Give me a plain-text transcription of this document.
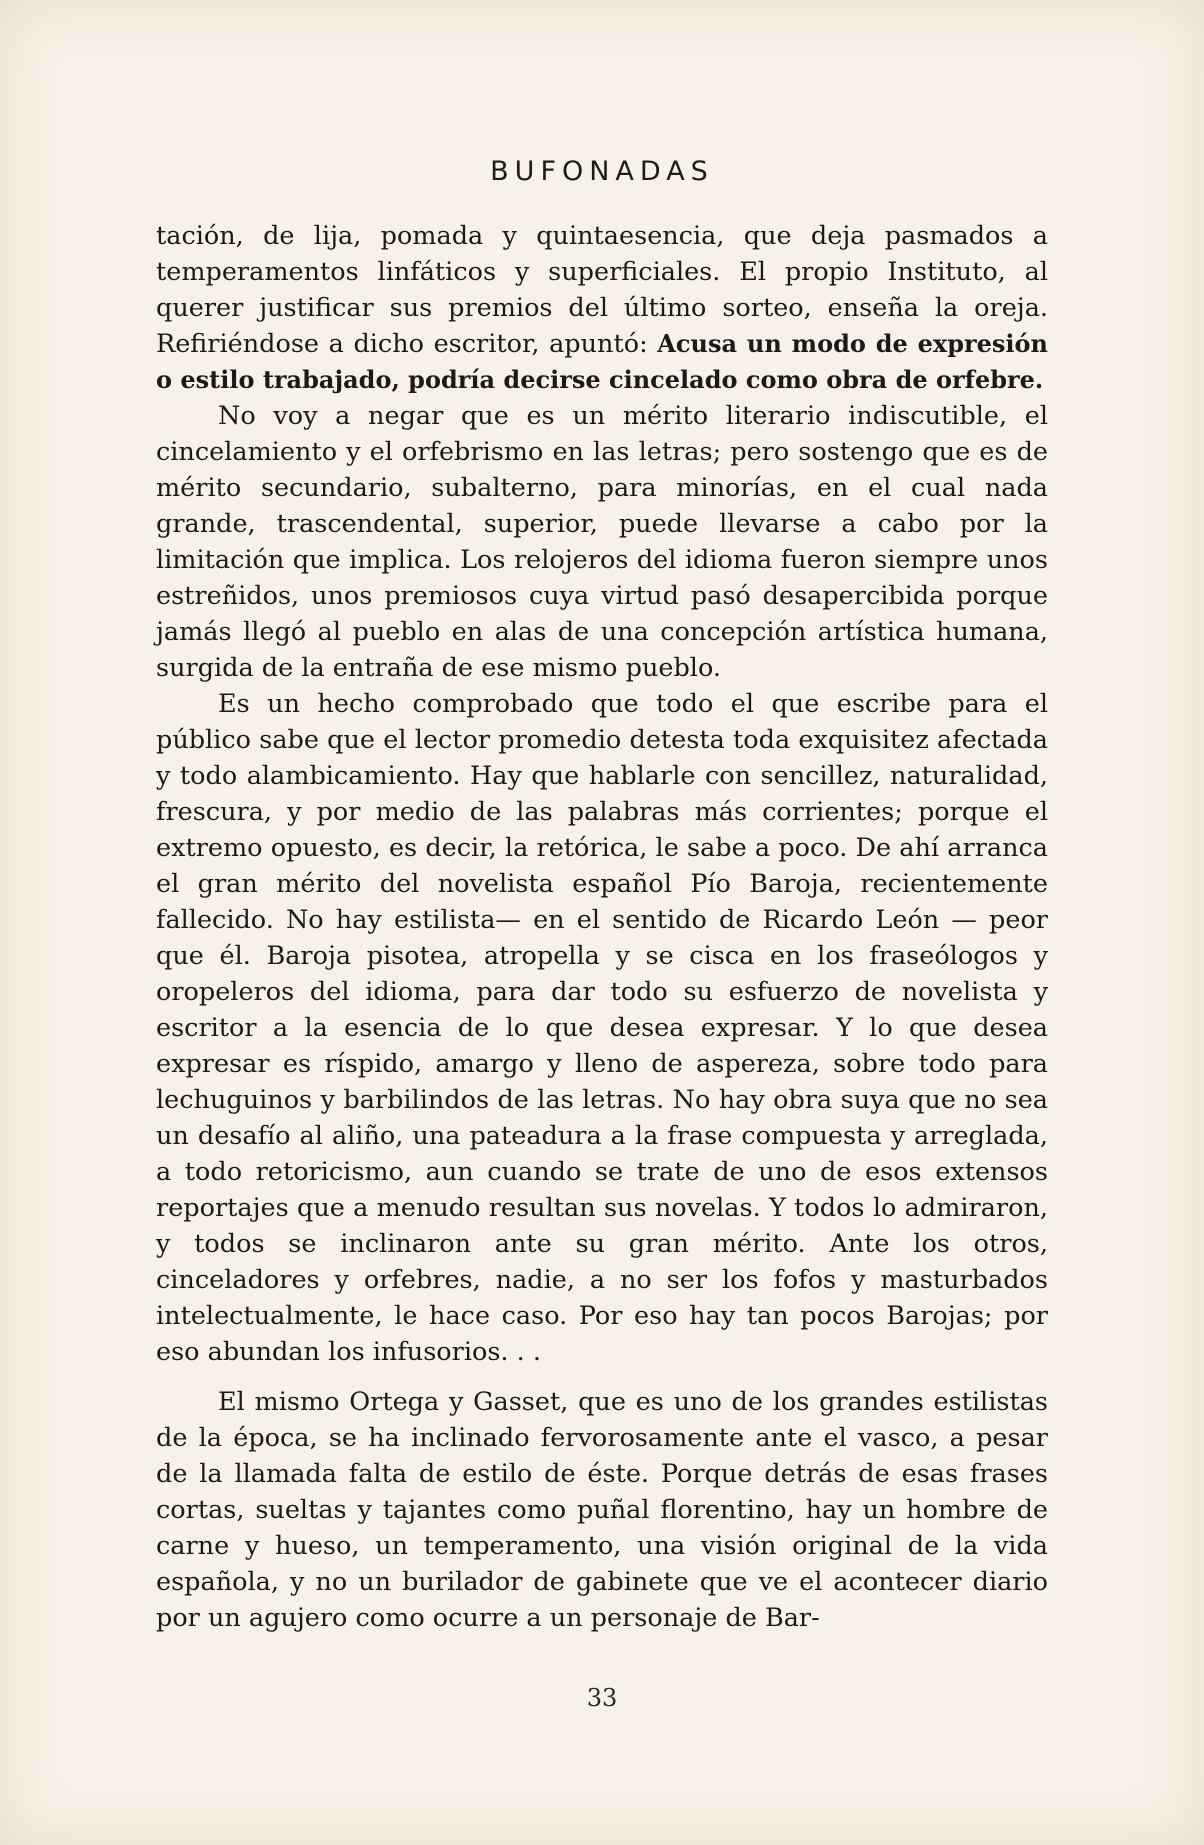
BUFONADAS

tación, de lija, pomada y quintaesencia, que deja pasmados a temperamentos linfáticos y superficiales. El propio Instituto, al querer justificar sus premios del último sorteo, enseña la oreja. Refiriéndose a dicho escritor, apuntó: Acusa un modo de expresión o estilo trabajado, podría decirse cincelado como obra de orfebre.

No voy a negar que es un mérito literario indiscutible, el cincelamiento y el orfebrismo en las letras; pero sostengo que es de mérito secundario, subalterno, para minorías, en el cual nada grande, trascendental, superior, puede llevarse a cabo por la limitación que implica. Los relojeros del idioma fueron siempre unos estreñidos, unos premiosos cuya virtud pasó desapercibida porque jamás llegó al pueblo en alas de una concepción artística humana, surgida de la entraña de ese mismo pueblo.

Es un hecho comprobado que todo el que escribe para el público sabe que el lector promedio detesta toda exquisitez afectada y todo alambicamiento. Hay que hablarle con sencillez, naturalidad, frescura, y por medio de las palabras más corrientes; porque el extremo opuesto, es decir, la retórica, le sabe a poco. De ahí arranca el gran mérito del novelista español Pío Baroja, recientemente fallecido. No hay estilista— en el sentido de Ricardo León — peor que él. Baroja pisotea, atropella y se cisca en los fraseólogos y oropeleros del idioma, para dar todo su esfuerzo de novelista y escritor a la esencia de lo que desea expresar. Y lo que desea expresar es ríspido, amargo y lleno de aspereza, sobre todo para lechuguinos y barbilindos de las letras. No hay obra suya que no sea un desafío al aliño, una pateadura a la frase compuesta y arreglada, a todo retoricismo, aun cuando se trate de uno de esos extensos reportajes que a menudo resultan sus novelas. Y todos lo admiraron, y todos se inclinaron ante su gran mérito. Ante los otros, cinceladores y orfebres, nadie, a no ser los fofos y masturbados intelectualmente, le hace caso. Por eso hay tan pocos Barojas; por eso abundan los infusorios. . .

El mismo Ortega y Gasset, que es uno de los grandes estilistas de la época, se ha inclinado fervorosamente ante el vasco, a pesar de la llamada falta de estilo de éste. Porque detrás de esas frases cortas, sueltas y tajantes como puñal florentino, hay un hombre de carne y hueso, un temperamento, una visión original de la vida española, y no un burilador de gabinete que ve el acontecer diario por un agujero como ocurre a un personaje de Bar-

33
